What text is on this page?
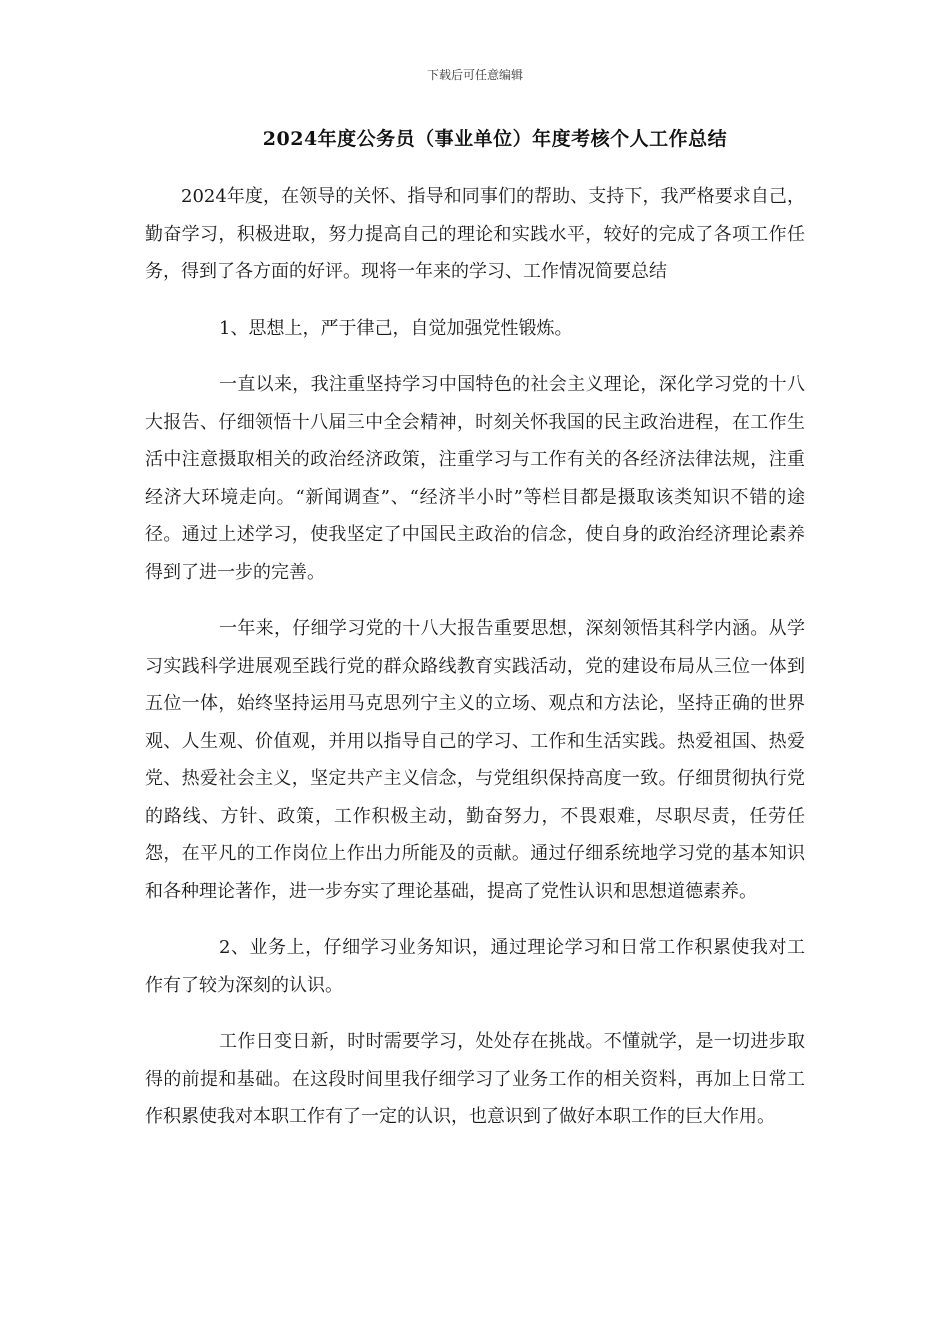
下载后可任意编辑
2024年度公务员（事业单位）年度考核个人工作总结

2024年度，在领导的关怀、指导和同事们的帮助、支持下，我严格要求自己，勤奋学习，积极进取，努力提高自己的理论和实践水平，较好的完成了各项工作任务，得到了各方面的好评。现将一年来的学习、工作情况简要总结

1、思想上，严于律己，自觉加强党性锻炼。

一直以来，我注重坚持学习中国特色的社会主义理论，深化学习党的十八大报告、仔细领悟十八届三中全会精神，时刻关怀我国的民主政治进程，在工作生活中注意摄取相关的政治经济政策，注重学习与工作有关的各经济法律法规，注重经济大环境走向。“新闻调查”、“经济半小时”等栏目都是摄取该类知识不错的途径。通过上述学习，使我坚定了中国民主政治的信念，使自身的政治经济理论素养得到了进一步的完善。

一年来，仔细学习党的十八大报告重要思想，深刻领悟其科学内涵。从学习实践科学进展观至践行党的群众路线教育实践活动，党的建设布局从三位一体到五位一体，始终坚持运用马克思列宁主义的立场、观点和方法论，坚持正确的世界观、人生观、价值观，并用以指导自己的学习、工作和生活实践。热爱祖国、热爱党、热爱社会主义，坚定共产主义信念，与党组织保持高度一致。仔细贯彻执行党的路线、方针、政策，工作积极主动，勤奋努力，不畏艰难，尽职尽责，任劳任怨，在平凡的工作岗位上作出力所能及的贡献。通过仔细系统地学习党的基本知识和各种理论著作，进一步夯实了理论基础，提高了党性认识和思想道德素养。

2、业务上，仔细学习业务知识，通过理论学习和日常工作积累使我对工作有了较为深刻的认识。

工作日变日新，时时需要学习，处处存在挑战。不懂就学，是一切进步取得的前提和基础。在这段时间里我仔细学习了业务工作的相关资料，再加上日常工作积累使我对本职工作有了一定的认识，也意识到了做好本职工作的巨大作用。
